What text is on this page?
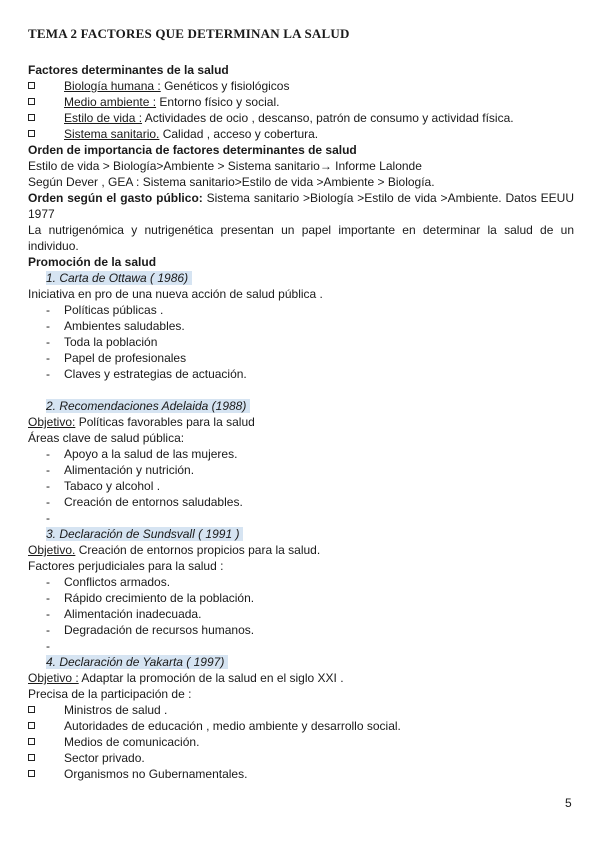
TEMA 2 FACTORES QUE DETERMINAN LA SALUD
Factores determinantes de la salud
Biología humana : Genéticos y fisiológicos
Medio ambiente : Entorno físico y social.
Estilo de vida : Actividades de ocio , descanso, patrón de consumo y actividad física.
Sistema sanitario. Calidad , acceso y cobertura.
Orden de importancia de factores determinantes de salud
Estilo de vida > Biología>Ambiente > Sistema sanitario→ Informe Lalonde
Según Dever , GEA : Sistema sanitario>Estilo de vida >Ambiente > Biología.
Orden según el gasto público: Sistema sanitario >Biología >Estilo de vida >Ambiente. Datos EEUU 1977
La nutrigenómica y nutrigenética presentan un papel importante en determinar la salud de un individuo.
Promoción de la salud
1. Carta de Ottawa ( 1986)
Iniciativa en pro de una nueva acción de salud pública .
-	Políticas públicas .
-	Ambientes saludables.
-	Toda la población
-	Papel de profesionales
-	Claves y estrategias de actuación.
2. Recomendaciones Adelaida (1988)
Objetivo: Políticas favorables para la salud
Áreas clave de salud pública:
-	Apoyo a la salud de las mujeres.
-	Alimentación y nutrición.
-	Tabaco y alcohol .
-	Creación de entornos saludables.
-
3. Declaración de Sundsvall ( 1991 )
Objetivo. Creación de entornos propicios para la salud.
Factores perjudiciales para la salud :
-	Conflictos armados.
-	Rápido crecimiento de la población.
-	Alimentación inadecuada.
-	Degradación de recursos humanos.
-
4. Declaración de Yakarta ( 1997)
Objetivo : Adaptar la promoción de la salud en el siglo XXI .
Precisa de la participación de :
Ministros de salud .
Autoridades de educación , medio ambiente y desarrollo social.
Medios de comunicación.
Sector privado.
Organismos no Gubernamentales.
5
